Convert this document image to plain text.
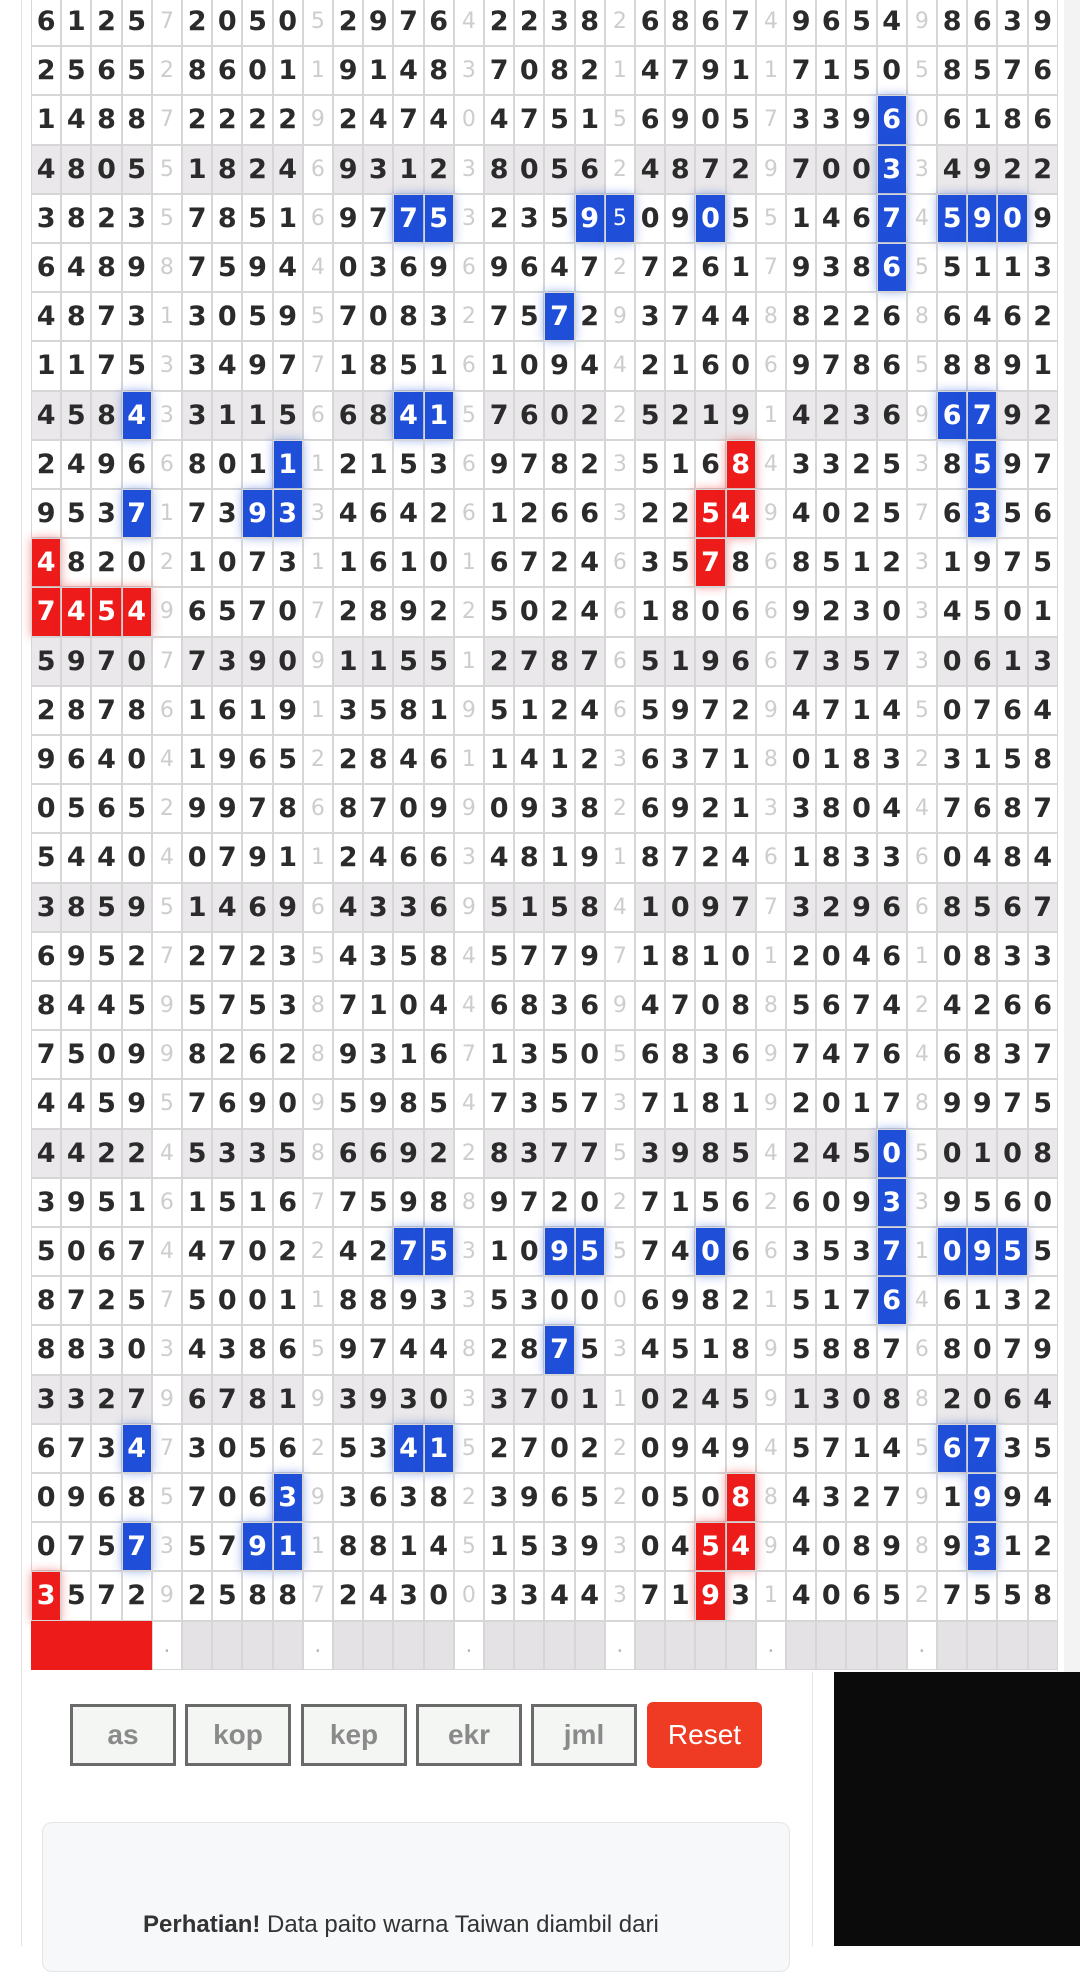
6 1 2 5 7 2 0 5 0 5 2 9 7 6 4 2 2 3 8 2 6 8 6 7 4 9 6 5 4 9 8 6 3 9
2 5 6 5 2 8 6 0 1 1 9 1 4 8 3 7 0 8 2 1 4 7 9 1 1 7 1 5 0 5 8 5 7 6
1 4 8 8 7 2 2 2 2 9 2 4 7 4 0 4 7 5 1 5 6 9 0 5 7 3 3 9 6 0 6 1 8 6
4 8 0 5 5 1 8 2 4 6 9 3 1 2 3 8 0 5 6 2 4 8 7 2 9 7 0 0 3 3 4 9 2 2
3 8 2 3 5 7 8 5 1 6 9 7 7 5 3 2 3 5 9 5 0 9 0 5 5 1 4 6 7 4 5 9 0 9
6 4 8 9 8 7 5 9 4 4 0 3 6 9 6 9 6 4 7 2 7 2 6 1 7 9 3 8 6 5 5 1 1 3
4 8 7 3 1 3 0 5 9 5 7 0 8 3 2 7 5 7 2 9 3 7 4 4 8 8 2 2 6 8 6 4 6 2
1 1 7 5 3 3 4 9 7 7 1 8 5 1 6 1 0 9 4 4 2 1 6 0 6 9 7 8 6 5 8 8 9 1
4 5 8 4 3 3 1 1 5 6 6 8 4 1 5 7 6 0 2 2 5 2 1 9 1 4 2 3 6 9 6 7 9 2
2 4 9 6 6 8 0 1 1 1 2 1 5 3 6 9 7 8 2 3 5 1 6 8 4 3 3 2 5 3 8 5 9 7
9 5 3 7 1 7 3 9 3 3 4 6 4 2 6 1 2 6 6 3 2 2 5 4 9 4 0 2 5 7 6 3 5 6
4 8 2 0 2 1 0 7 3 1 1 6 1 0 1 6 7 2 4 6 3 5 7 8 6 8 5 1 2 3 1 9 7 5
7 4 5 4 9 6 5 7 0 7 2 8 9 2 2 5 0 2 4 6 1 8 0 6 6 9 2 3 0 3 4 5 0 1
5 9 7 0 7 7 3 9 0 9 1 1 5 5 1 2 7 8 7 6 5 1 9 6 6 7 3 5 7 3 0 6 1 3
2 8 7 8 6 1 6 1 9 1 3 5 8 1 9 5 1 2 4 6 5 9 7 2 9 4 7 1 4 5 0 7 6 4
9 6 4 0 4 1 9 6 5 2 2 8 4 6 1 1 4 1 2 3 6 3 7 1 8 0 1 8 3 2 3 1 5 8
0 5 6 5 2 9 9 7 8 6 8 7 0 9 9 0 9 3 8 2 6 9 2 1 3 3 8 0 4 4 7 6 8 7
5 4 4 0 4 0 7 9 1 1 2 4 6 6 3 4 8 1 9 1 8 7 2 4 6 1 8 3 3 6 0 4 8 4
3 8 5 9 5 1 4 6 9 6 4 3 3 6 9 5 1 5 8 4 1 0 9 7 7 3 2 9 6 6 8 5 6 7
6 9 5 2 7 2 7 2 3 5 4 3 5 8 4 5 7 7 9 7 1 8 1 0 1 2 0 4 6 1 0 8 3 3
8 4 4 5 9 5 7 5 3 8 7 1 0 4 4 6 8 3 6 9 4 7 0 8 8 5 6 7 4 2 4 2 6 6
7 5 0 9 9 8 2 6 2 8 9 3 1 6 7 1 3 5 0 5 6 8 3 6 9 7 4 7 6 4 6 8 3 7
4 4 5 9 5 7 6 9 0 9 5 9 8 5 4 7 3 5 7 3 7 1 8 1 9 2 0 1 7 8 9 9 7 5
4 4 2 2 4 5 3 3 5 8 6 6 9 2 2 8 3 7 7 5 3 9 8 5 4 2 4 5 0 5 0 1 0 8
3 9 5 1 6 1 5 1 6 7 7 5 9 8 8 9 7 2 0 2 7 1 5 6 2 6 0 9 3 3 9 5 6 0
5 0 6 7 4 4 7 0 2 2 4 2 7 5 3 1 0 9 5 5 7 4 0 6 6 3 5 3 7 1 0 9 5 5
8 7 2 5 7 5 0 0 1 1 8 8 9 3 3 5 3 0 0 0 6 9 8 2 1 5 1 7 6 4 6 1 3 2
8 8 3 0 3 4 3 8 6 5 9 7 4 4 8 2 8 7 5 3 4 5 1 8 9 5 8 8 7 6 8 0 7 9
3 3 2 7 9 6 7 8 1 9 3 9 3 0 3 3 7 0 1 1 0 2 4 5 9 1 3 0 8 8 2 0 6 4
6 7 3 4 7 3 0 5 6 2 5 3 4 1 5 2 7 0 2 2 0 9 4 9 4 5 7 1 4 5 6 7 3 5
0 9 6 8 5 7 0 6 3 9 3 6 3 8 2 3 9 6 5 2 0 5 0 8 8 4 3 2 7 9 1 9 9 4
0 7 5 7 3 5 7 9 1 1 8 8 1 4 5 1 5 3 9 3 0 4 5 4 9 4 0 8 9 8 9 3 1 2
3 5 7 2 9 2 5 8 8 7 2 4 3 0 0 3 3 4 4 3 7 1 9 3 1 4 0 6 5 2 7 5 5 8
.	.	.	.	.	.
as	kop	kep	ekr	jml	Reset

Perhatian! Data paito warna Taiwan diambil dari
